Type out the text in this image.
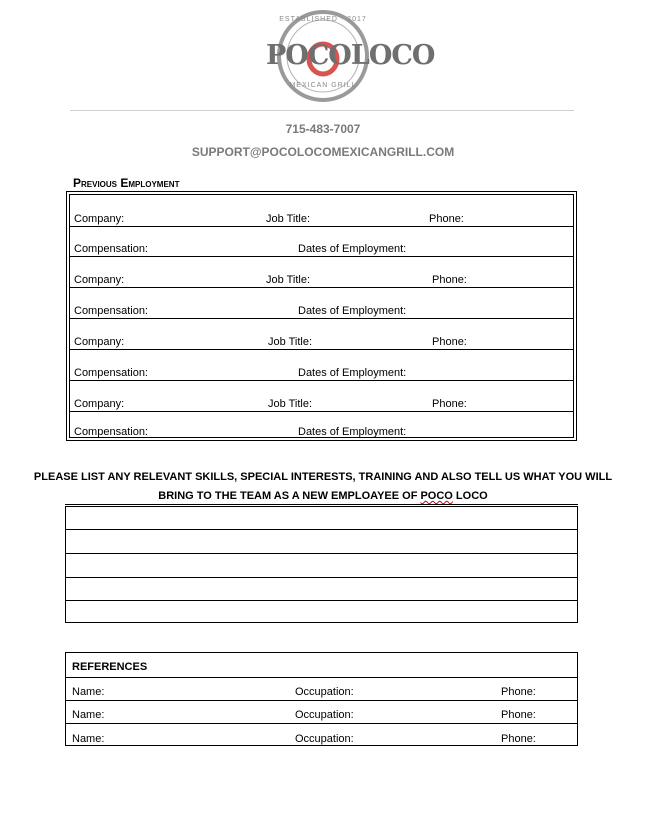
ESTABLISHED · 2017
POCOLOCO
MEXICAN GRILL
715-483-7007
SUPPORT@POCOLOCOMEXICANGRILL.COM
Previous Employment
Company:	Job Title:	Phone:
Compensation:	Dates of Employment:
Company:	Job Title:	Phone:
Compensation:	Dates of Employment:
Company:	Job Title:	Phone:
Compensation:	Dates of Employment:
Company:	Job Title:	Phone:
Compensation:	Dates of Employment:
PLEASE LIST ANY RELEVANT SKILLS, SPECIAL INTERESTS, TRAINING AND ALSO TELL US WHAT YOU WILL
BRING TO THE TEAM AS A NEW EMPLOAYEE OF POCO LOCO
REFERENCES
Name:	Occupation:	Phone:
Name:	Occupation:	Phone:
Name:	Occupation:	Phone:
